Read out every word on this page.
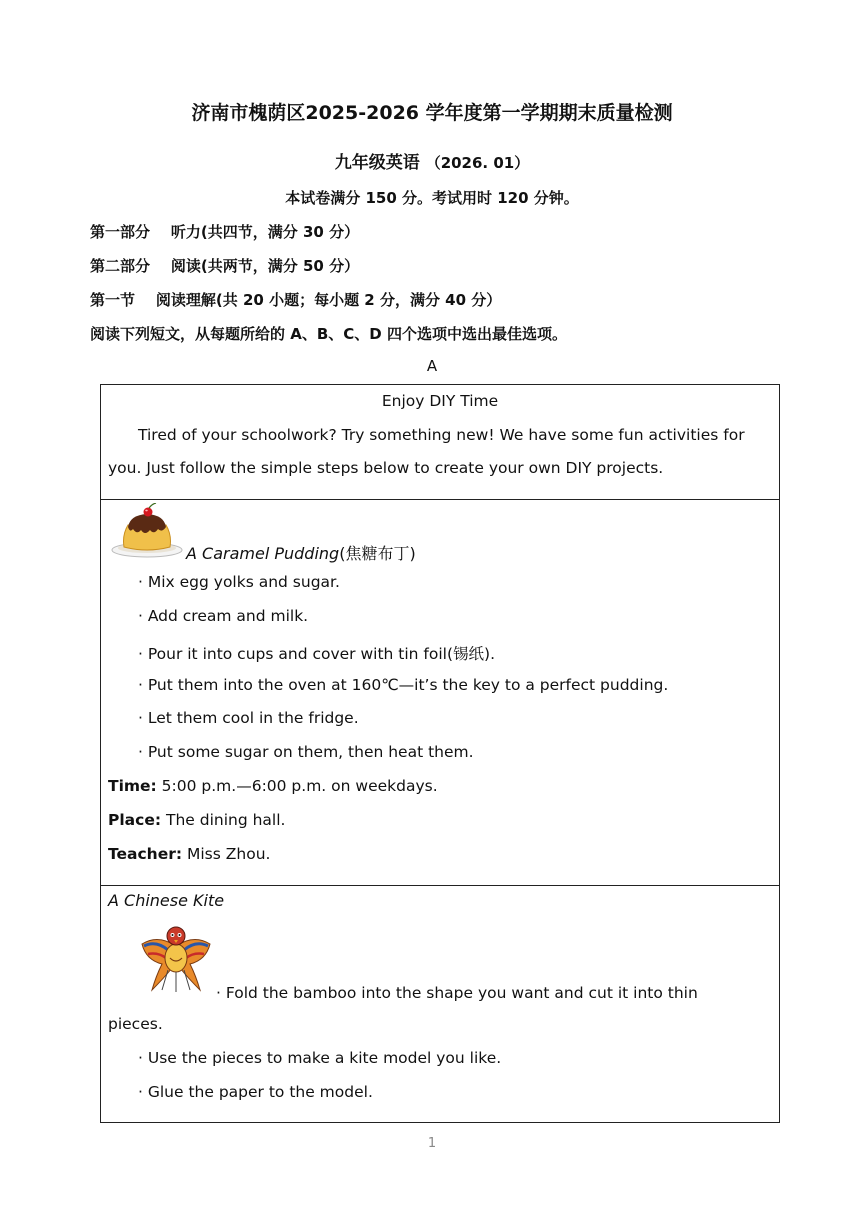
济南市槐荫区2025-2026 学年度第一学期期末质量检测
九年级英语 （2026. 01）
本试卷满分 150 分。考试用时 120 分钟。
第一部分    听力(共四节，满分 30 分）
第二部分    阅读(共两节，满分 50 分）
第一节    阅读理解(共 20 小题；每小题 2 分，满分 40 分）
阅读下列短文，从每题所给的 A、B、C、D 四个选项中选出最佳选项。
A
Enjoy DIY Time
Tired of your schoolwork? Try something new! We have some fun activities for
you. Just follow the simple steps below to create your own DIY projects.
A Caramel Pudding(焦糖布丁)
· Mix egg yolks and sugar.
· Add cream and milk.
· Pour it into cups and cover with tin foil(锡纸).
· Put them into the oven at 160℃—it’s the key to a perfect pudding.
· Let them cool in the fridge.
· Put some sugar on them, then heat them.
Time: 5:00 p.m.—6:00 p.m. on weekdays.
Place: The dining hall.
Teacher: Miss Zhou.
A Chinese Kite
· Fold the bamboo into the shape you want and cut it into thin
pieces.
· Use the pieces to make a kite model you like.
· Glue the paper to the model.
1
